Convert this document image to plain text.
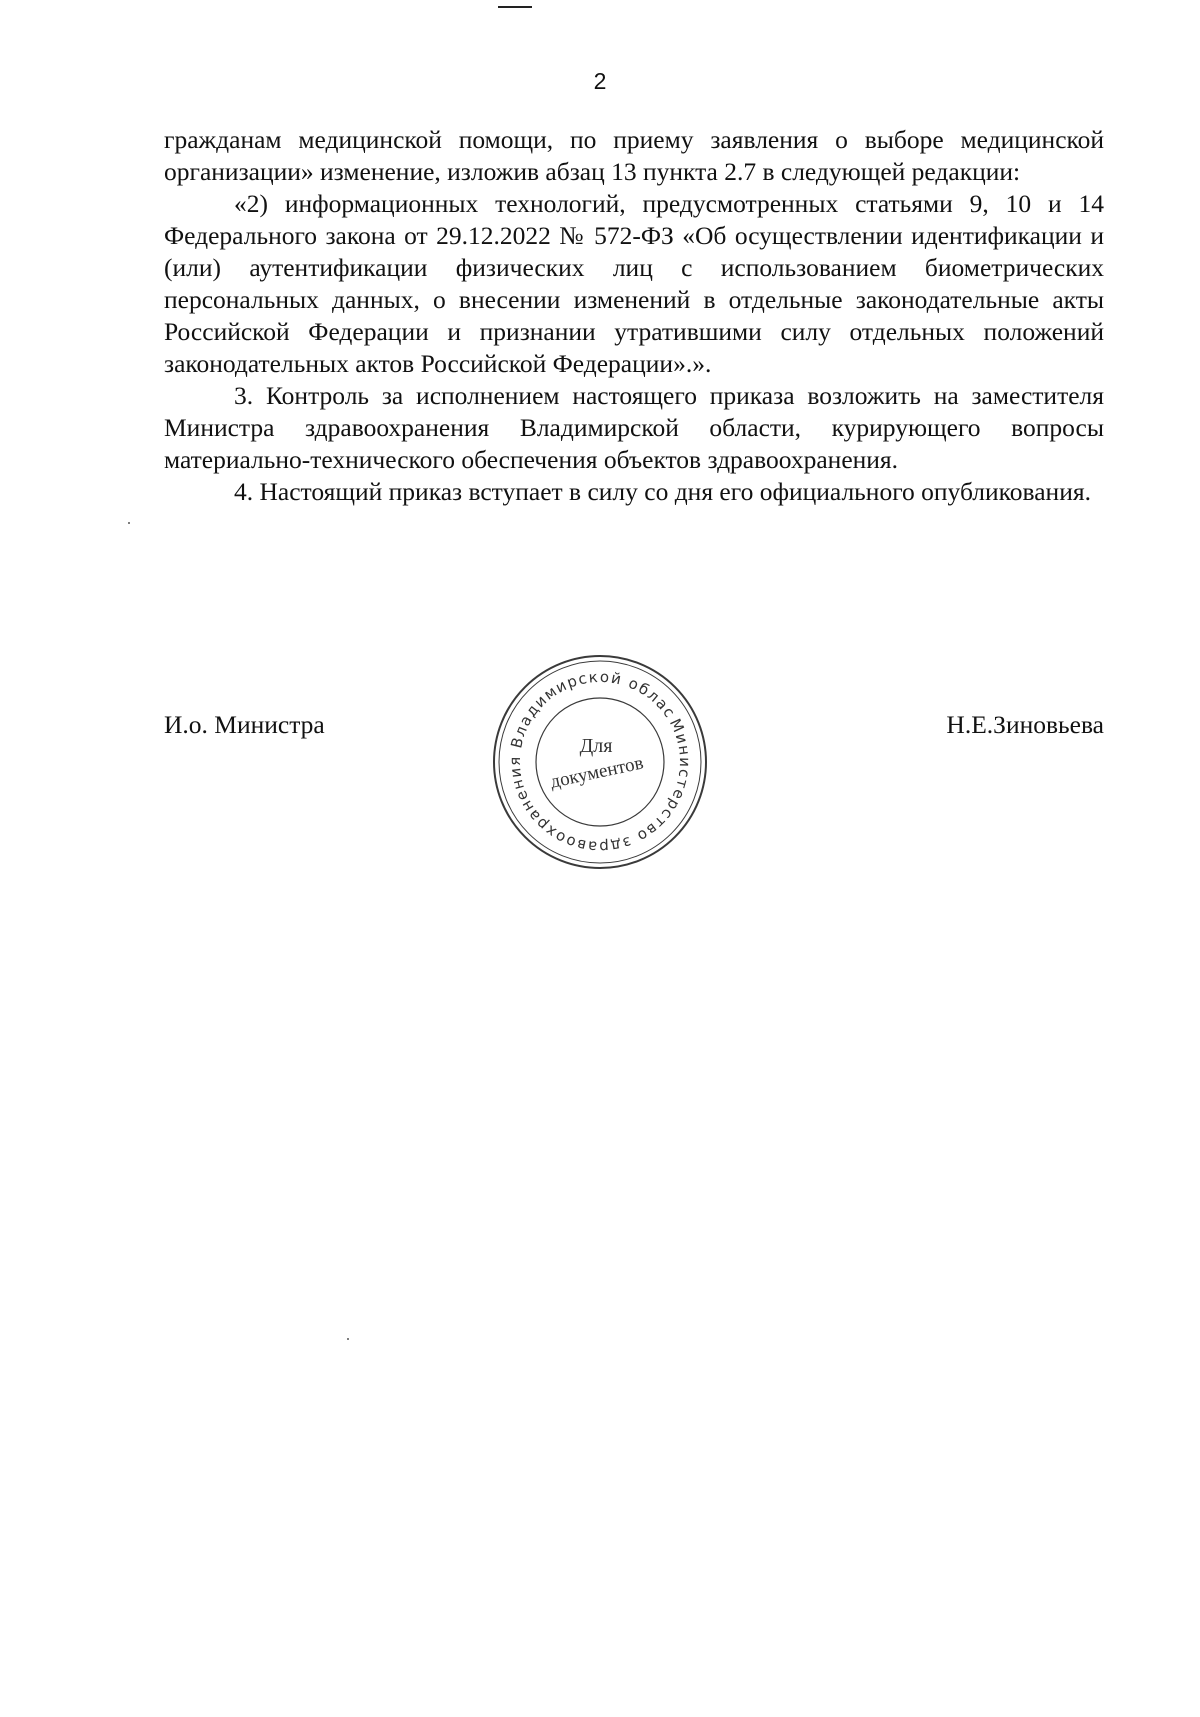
2

гражданам медицинской помощи, по приему заявления о выборе медицинской организации» изменение, изложив абзац 13 пункта 2.7 в следующей редакции:

«2) информационных технологий, предусмотренных статьями 9, 10 и 14 Федерального закона от 29.12.2022 № 572-ФЗ «Об осуществлении идентификации и (или) аутентификации физических лиц с использованием биометрических персональных данных, о внесении изменений в отдельные законодательные акты Российской Федерации и признании утратившими силу отдельных положений законодательных актов Российской Федерации».».

3. Контроль за исполнением настоящего приказа возложить на заместителя Министра здравоохранения Владимирской области, курирующего вопросы материально-технического обеспечения объектов здравоохранения.

4. Настоящий приказ вступает в силу со дня его официального опубликования.

И.о. Министра	Н.Е.Зиновьева
Министерство здравоохранения Владимирской области
Для
документов
